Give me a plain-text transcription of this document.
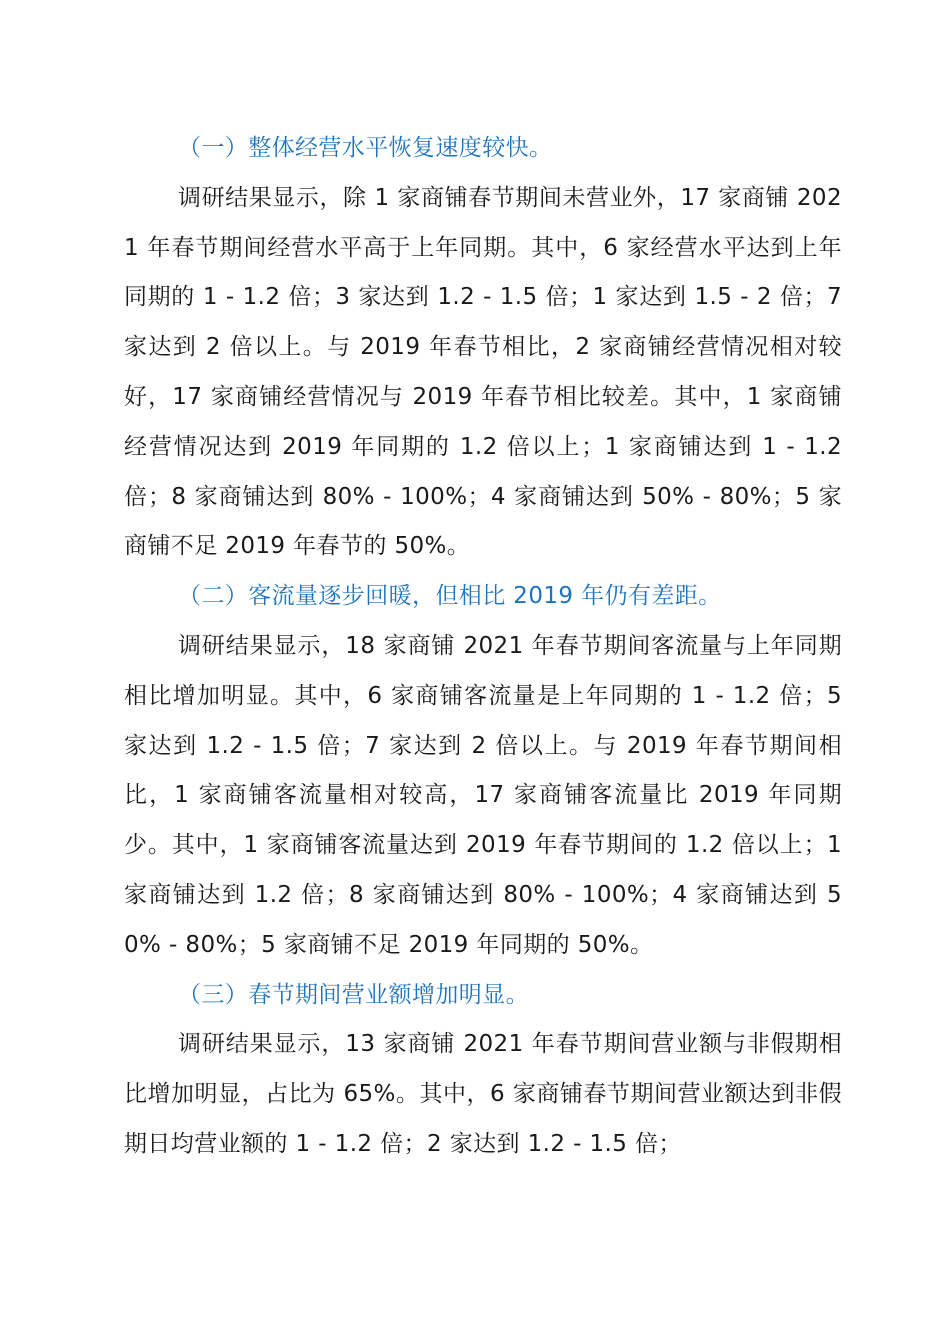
（一）整体经营水平恢复速度较快。

调研结果显示，除 1 家商铺春节期间未营业外，17 家商铺 2021 年春节期间经营水平高于上年同期。其中，6 家经营水平达到上年同期的 1 - 1.2 倍；3 家达到 1.2 - 1.5 倍；1 家达到 1.5 - 2 倍；7 家达到 2 倍以上。与 2019 年春节相比，2 家商铺经营情况相对较好，17 家商铺经营情况与 2019 年春节相比较差。其中，1 家商铺经营情况达到 2019 年同期的 1.2 倍以上；1 家商铺达到 1 - 1.2 倍；8 家商铺达到 80% - 100%；4 家商铺达到 50% - 80%；5 家商铺不足 2019 年春节的 50%。

（二）客流量逐步回暖，但相比 2019 年仍有差距。

调研结果显示，18 家商铺 2021 年春节期间客流量与上年同期相比增加明显。其中，6 家商铺客流量是上年同期的 1 - 1.2 倍；5 家达到 1.2 - 1.5 倍；7 家达到 2 倍以上。与 2019 年春节期间相比，1 家商铺客流量相对较高，17 家商铺客流量比 2019 年同期少。其中，1 家商铺客流量达到 2019 年春节期间的 1.2 倍以上；1 家商铺达到 1.2 倍；8 家商铺达到 80% - 100%；4 家商铺达到 50% - 80%；5 家商铺不足 2019 年同期的 50%。

（三）春节期间营业额增加明显。

调研结果显示，13 家商铺 2021 年春节期间营业额与非假期相比增加明显，占比为 65%。其中，6 家商铺春节期间营业额达到非假期日均营业额的 1 - 1.2 倍；2 家达到 1.2 - 1.5 倍；
